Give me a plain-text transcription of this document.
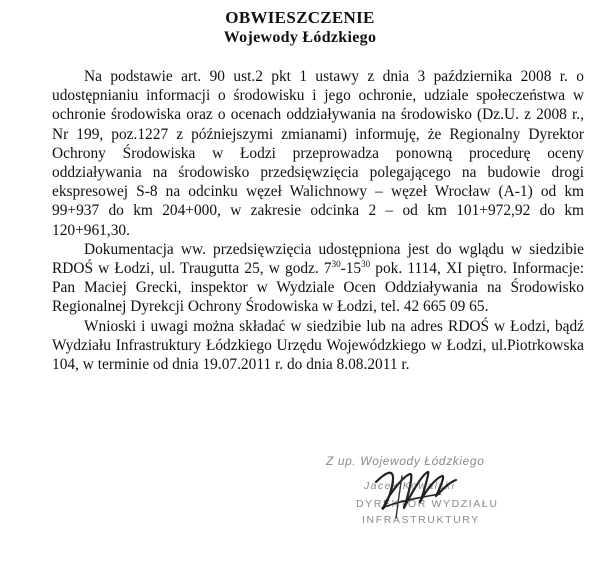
OBWIESZCZENIE
Wojewody Łódzkiego

Na podstawie art. 90 ust.2 pkt 1 ustawy z dnia 3 października 2008 r. o udostępnianiu informacji o środowisku i jego ochronie, udziale społeczeństwa w ochronie środowiska oraz o ocenach oddziaływania na środowisko (Dz.U. z 2008 r., Nr 199, poz.1227 z późniejszymi zmianami) informuję, że Regionalny Dyrektor Ochrony Środowiska w Łodzi przeprowadza ponowną procedurę oceny oddziaływania na środowisko przedsięwzięcia polegającego na budowie drogi ekspresowej S-8 na odcinku węzeł Walichnowy – węzeł Wrocław (A-1) od km 99+937 do km 204+000, w zakresie odcinka 2 – od km 101+972,92 do km 120+961,30.

Dokumentacja ww. przedsięwzięcia udostępniona jest do wglądu w siedzibie RDOŚ w Łodzi, ul. Traugutta 25, w godz. $7^{30}-15^{30}$ pok. 1114, XI piętro. Informacje: Pan Maciej Grecki, inspektor w Wydziale Ocen Oddziaływania na Środowisko Regionalnej Dyrekcji Ochrony Środowiska w Łodzi, tel. 42 665 09 65.

Wnioski i uwagi można składać w siedzibie lub na adres RDOŚ w Łodzi, bądź Wydziału Infrastruktury Łódzkiego Urzędu Wojewódzkiego w Łodzi, ul.Piotrkowska 104, w terminie od dnia 19.07.2011 r. do dnia 8.08.2011 r.

Z up. Wojewody Łódzkiego
Jacek Kowalski
DYREKTOR WYDZIAŁU
INFRASTRUKTURY
